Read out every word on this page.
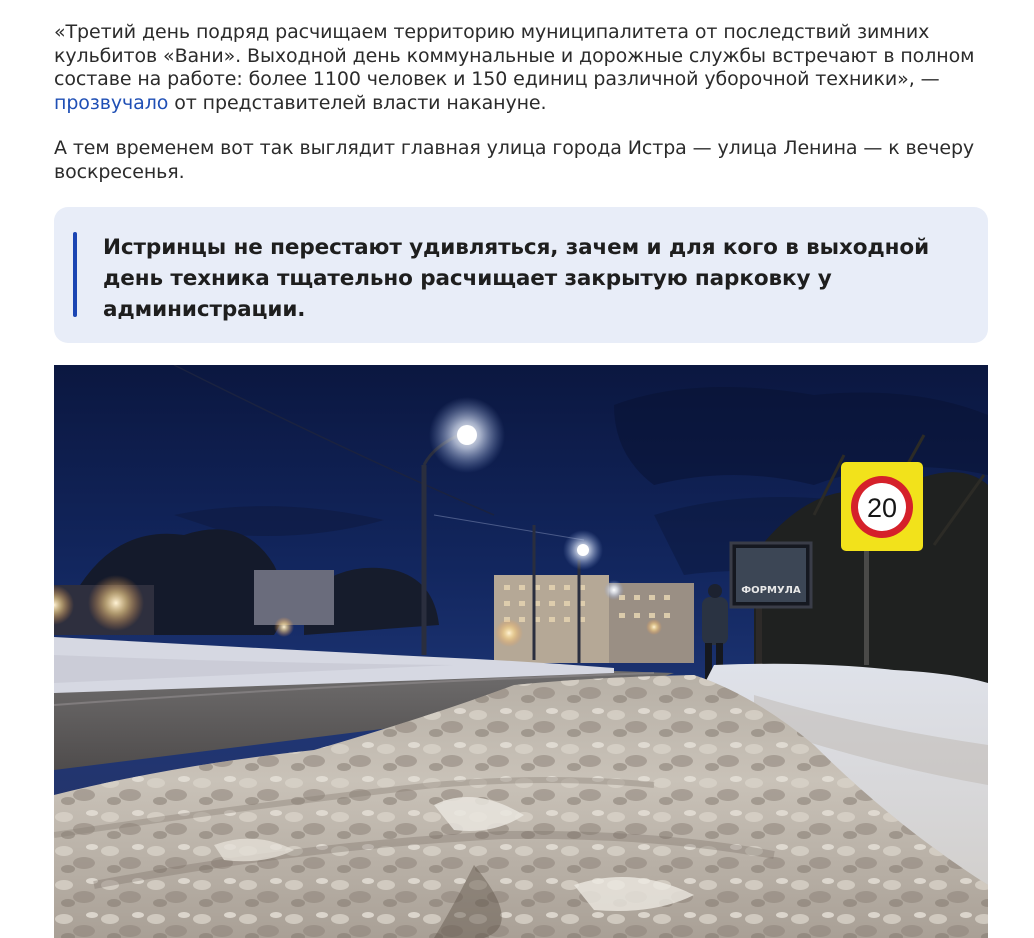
«Третий день подряд расчищаем территорию муниципалитета от последствий зимних кульбитов «Вани». Выходной день коммунальные и дорожные службы встречают в полном составе на работе: более 1100 человек и 150 единиц различной уборочной техники», — прозвучало от представителей власти накануне.

А тем временем вот так выглядит главная улица города Истра — улица Ленина — к вечеру воскресенья.

Истринцы не перестают удивляться, зачем и для кого в выходной день техника тщательно расчищает закрытую парковку у администрации.

ФОРМУЛА
20
